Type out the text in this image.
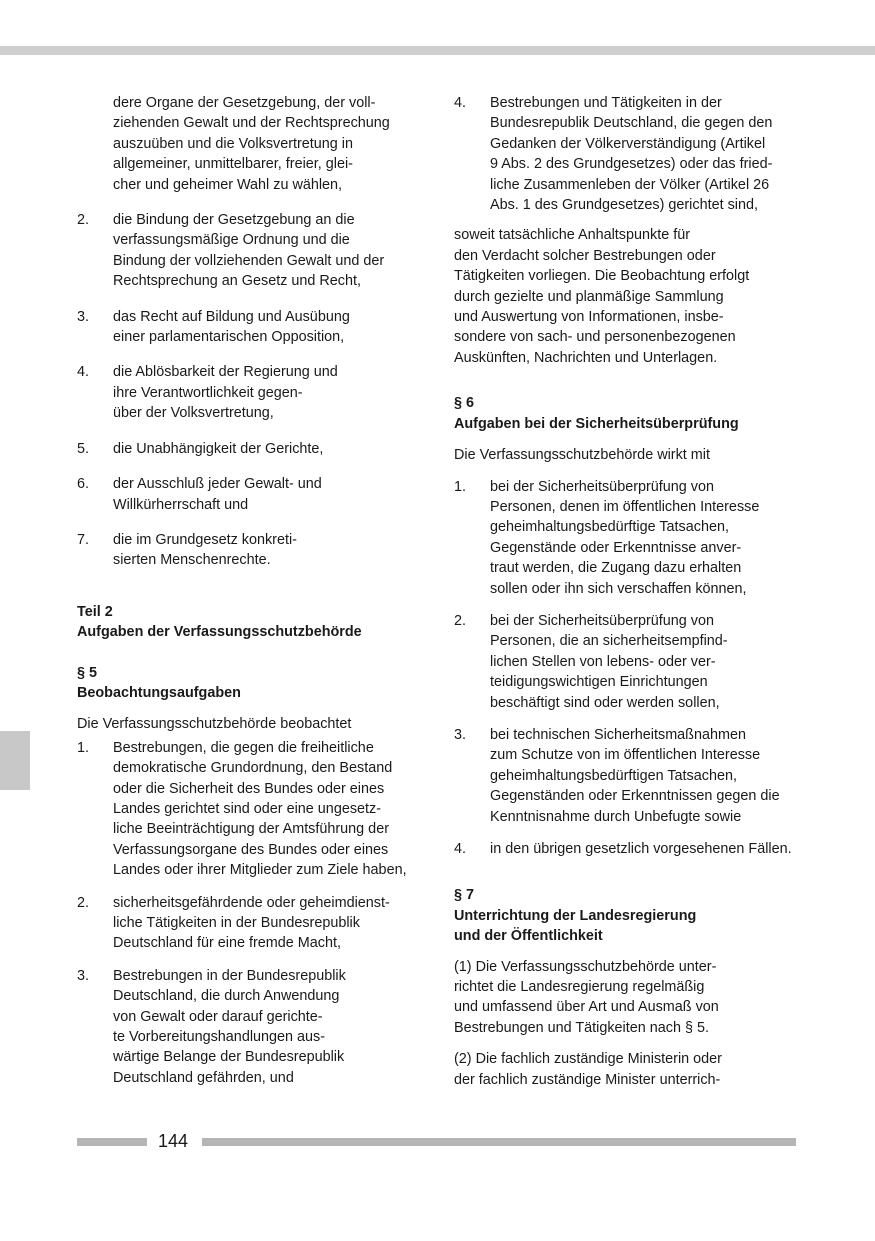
dere Organe der Gesetzgebung, der voll-
ziehenden Gewalt und der Rechtsprechung
auszuüben und die Volksvertretung in
allgemeiner, unmittelbarer, freier, glei-
cher und geheimer Wahl zu wählen,
2. die Bindung der Gesetzgebung an die
verfassungsmäßige Ordnung und die
Bindung der vollziehenden Gewalt und der
Rechtsprechung an Gesetz und Recht,
3. das Recht auf Bildung und Ausübung
einer parlamentarischen Opposition,
4. die Ablösbarkeit der Regierung und
ihre Verantwortlichkeit gegen-
über der Volksvertretung,
5. die Unabhängigkeit der Gerichte,
6. der Ausschluß jeder Gewalt- und
Willkürherrschaft und
7. die im Grundgesetz konkreti-
sierten Menschenrechte.
Teil 2
Aufgaben der Verfassungsschutzbehörde
§ 5
Beobachtungsaufgaben
Die Verfassungsschutzbehörde beobachtet
1. Bestrebungen, die gegen die freiheitliche
demokratische Grundordnung, den Bestand
oder die Sicherheit des Bundes oder eines
Landes gerichtet sind oder eine ungesetz-
liche Beeinträchtigung der Amtsführung der
Verfassungsorgane des Bundes oder eines
Landes oder ihrer Mitglieder zum Ziele haben,
2. sicherheitsgefährdende oder geheimdienst-
liche Tätigkeiten in der Bundesrepublik
Deutschland für eine fremde Macht,
3. Bestrebungen in der Bundesrepublik
Deutschland, die durch Anwendung
von Gewalt oder darauf gerichte-
te Vorbereitungshandlungen aus-
wärtige Belange der Bundesrepublik
Deutschland gefährden, und
4. Bestrebungen und Tätigkeiten in der
Bundesrepublik Deutschland, die gegen den
Gedanken der Völkerverständigung (Artikel
9 Abs. 2 des Grundgesetzes) oder das fried-
liche Zusammenleben der Völker (Artikel 26
Abs. 1 des Grundgesetzes) gerichtet sind,
soweit tatsächliche Anhaltspunkte für
den Verdacht solcher Bestrebungen oder
Tätigkeiten vorliegen. Die Beobachtung erfolgt
durch gezielte und planmäßige Sammlung
und Auswertung von Informationen, insbe-
sondere von sach- und personenbezogenen
Auskünften, Nachrichten und Unterlagen.
§ 6
Aufgaben bei der Sicherheitsüberprüfung
Die Verfassungsschutzbehörde wirkt mit
1. bei der Sicherheitsüberprüfung von
Personen, denen im öffentlichen Interesse
geheimhaltungsbedürftige Tatsachen,
Gegenstände oder Erkenntnisse anver-
traut werden, die Zugang dazu erhalten
sollen oder ihn sich verschaffen können,
2. bei der Sicherheitsüberprüfung von
Personen, die an sicherheitsempfind-
lichen Stellen von lebens- oder ver-
teidigungswichtigen Einrichtungen
beschäftigt sind oder werden sollen,
3. bei technischen Sicherheitsmaßnahmen
zum Schutze von im öffentlichen Interesse
geheimhaltungsbedürftigen Tatsachen,
Gegenständen oder Erkenntnissen gegen die
Kenntnisnahme durch Unbefugte sowie
4. in den übrigen gesetzlich vorgesehenen Fällen.
§ 7
Unterrichtung der Landesregierung
und der Öffentlichkeit
(1) Die Verfassungsschutzbehörde unter-
richtet die Landesregierung regelmäßig
und umfassend über Art und Ausmaß von
Bestrebungen und Tätigkeiten nach § 5.
(2) Die fachlich zuständige Ministerin oder
der fachlich zuständige Minister unterrich-
144
